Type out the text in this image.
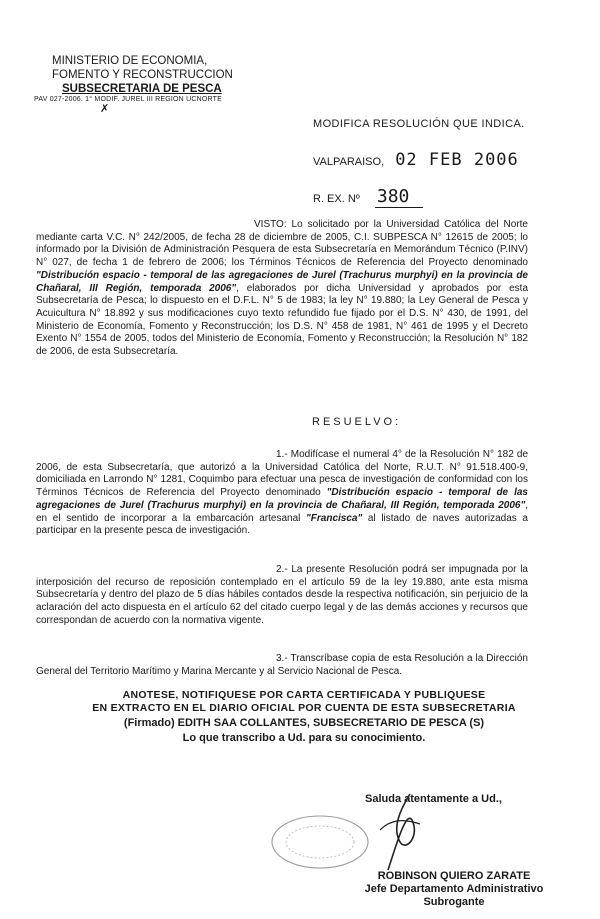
MINISTERIO DE ECONOMIA,
FOMENTO Y RECONSTRUCCION
SUBSECRETARIA DE PESCA
PAV 027-2006. 1° MODIF. JUREL III REGION UCNORTE
✗
MODIFICA RESOLUCIÓN QUE INDICA.
VALPARAISO, 02 FEB 2006
R. EX. Nº 380
VISTO: Lo solicitado por la Universidad Católica del Norte mediante carta V.C. N° 242/2005, de fecha 28 de diciembre de 2005, C.I. SUBPESCA N° 12615 de 2005; lo informado por la División de Administración Pesquera de esta Subsecretaría en Memorándum Técnico (P.INV) N° 027, de fecha 1 de febrero de 2006; los Términos Técnicos de Referencia del Proyecto denominado "Distribución espacio - temporal de las agregaciones de Jurel (Trachurus murphyi) en la provincia de Chañaral, III Región, temporada 2006", elaborados por dicha Universidad y aprobados por esta Subsecretaría de Pesca; lo dispuesto en el D.F.L. N° 5 de 1983; la ley N° 19.880; la Ley General de Pesca y Acuicultura N° 18.892 y sus modificaciones cuyo texto refundido fue fijado por el D.S. N° 430, de 1991, del Ministerio de Economía, Fomento y Reconstrucción; los D.S. N° 458 de 1981, N° 461 de 1995 y el Decreto Exento N° 1554 de 2005, todos del Ministerio de Economía, Fomento y Reconstrucción; la Resolución N° 182 de 2006, de esta Subsecretaría.
RESUELVO:
1.- Modifícase el numeral 4° de la Resolución N° 182 de 2006, de esta Subsecretaría, que autorizó a la Universidad Católica del Norte, R.U.T. N° 91.518.400-9, domiciliada en Larrondo N° 1281, Coquimbo para efectuar una pesca de investigación de conformidad con los Términos Técnicos de Referencia del Proyecto denominado "Distribución espacio - temporal de las agregaciones de Jurel (Trachurus murphyi) en la provincia de Chañaral, III Región, temporada 2006", en el sentido de incorporar a la embarcación artesanal "Francisca" al listado de naves autorizadas a participar en la presente pesca de investigación.
2.- La presente Resolución podrá ser impugnada por la interposición del recurso de reposición contemplado en el artículo 59 de la ley 19.880, ante esta misma Subsecretaría y dentro del plazo de 5 días hábiles contados desde la respectiva notificación, sin perjuicio de la aclaración del acto dispuesta en el artículo 62 del citado cuerpo legal y de las demás acciones y recursos que correspondan de acuerdo con la normativa vigente.
3.- Transcríbase copia de esta Resolución a la Dirección General del Territorio Marítimo y Marina Mercante y al Servicio Nacional de Pesca.
ANOTESE, NOTIFIQUESE POR CARTA CERTIFICADA Y PUBLIQUESE
EN EXTRACTO EN EL DIARIO OFICIAL POR CUENTA DE ESTA SUBSECRETARIA
(Firmado) EDITH SAA COLLANTES, SUBSECRETARIO DE PESCA (S)
Lo que transcribo a Ud. para su conocimiento.
Saluda atentamente a Ud.,
ROBINSON QUIERO ZARATE
Jefe Departamento Administrativo
Subrogante
